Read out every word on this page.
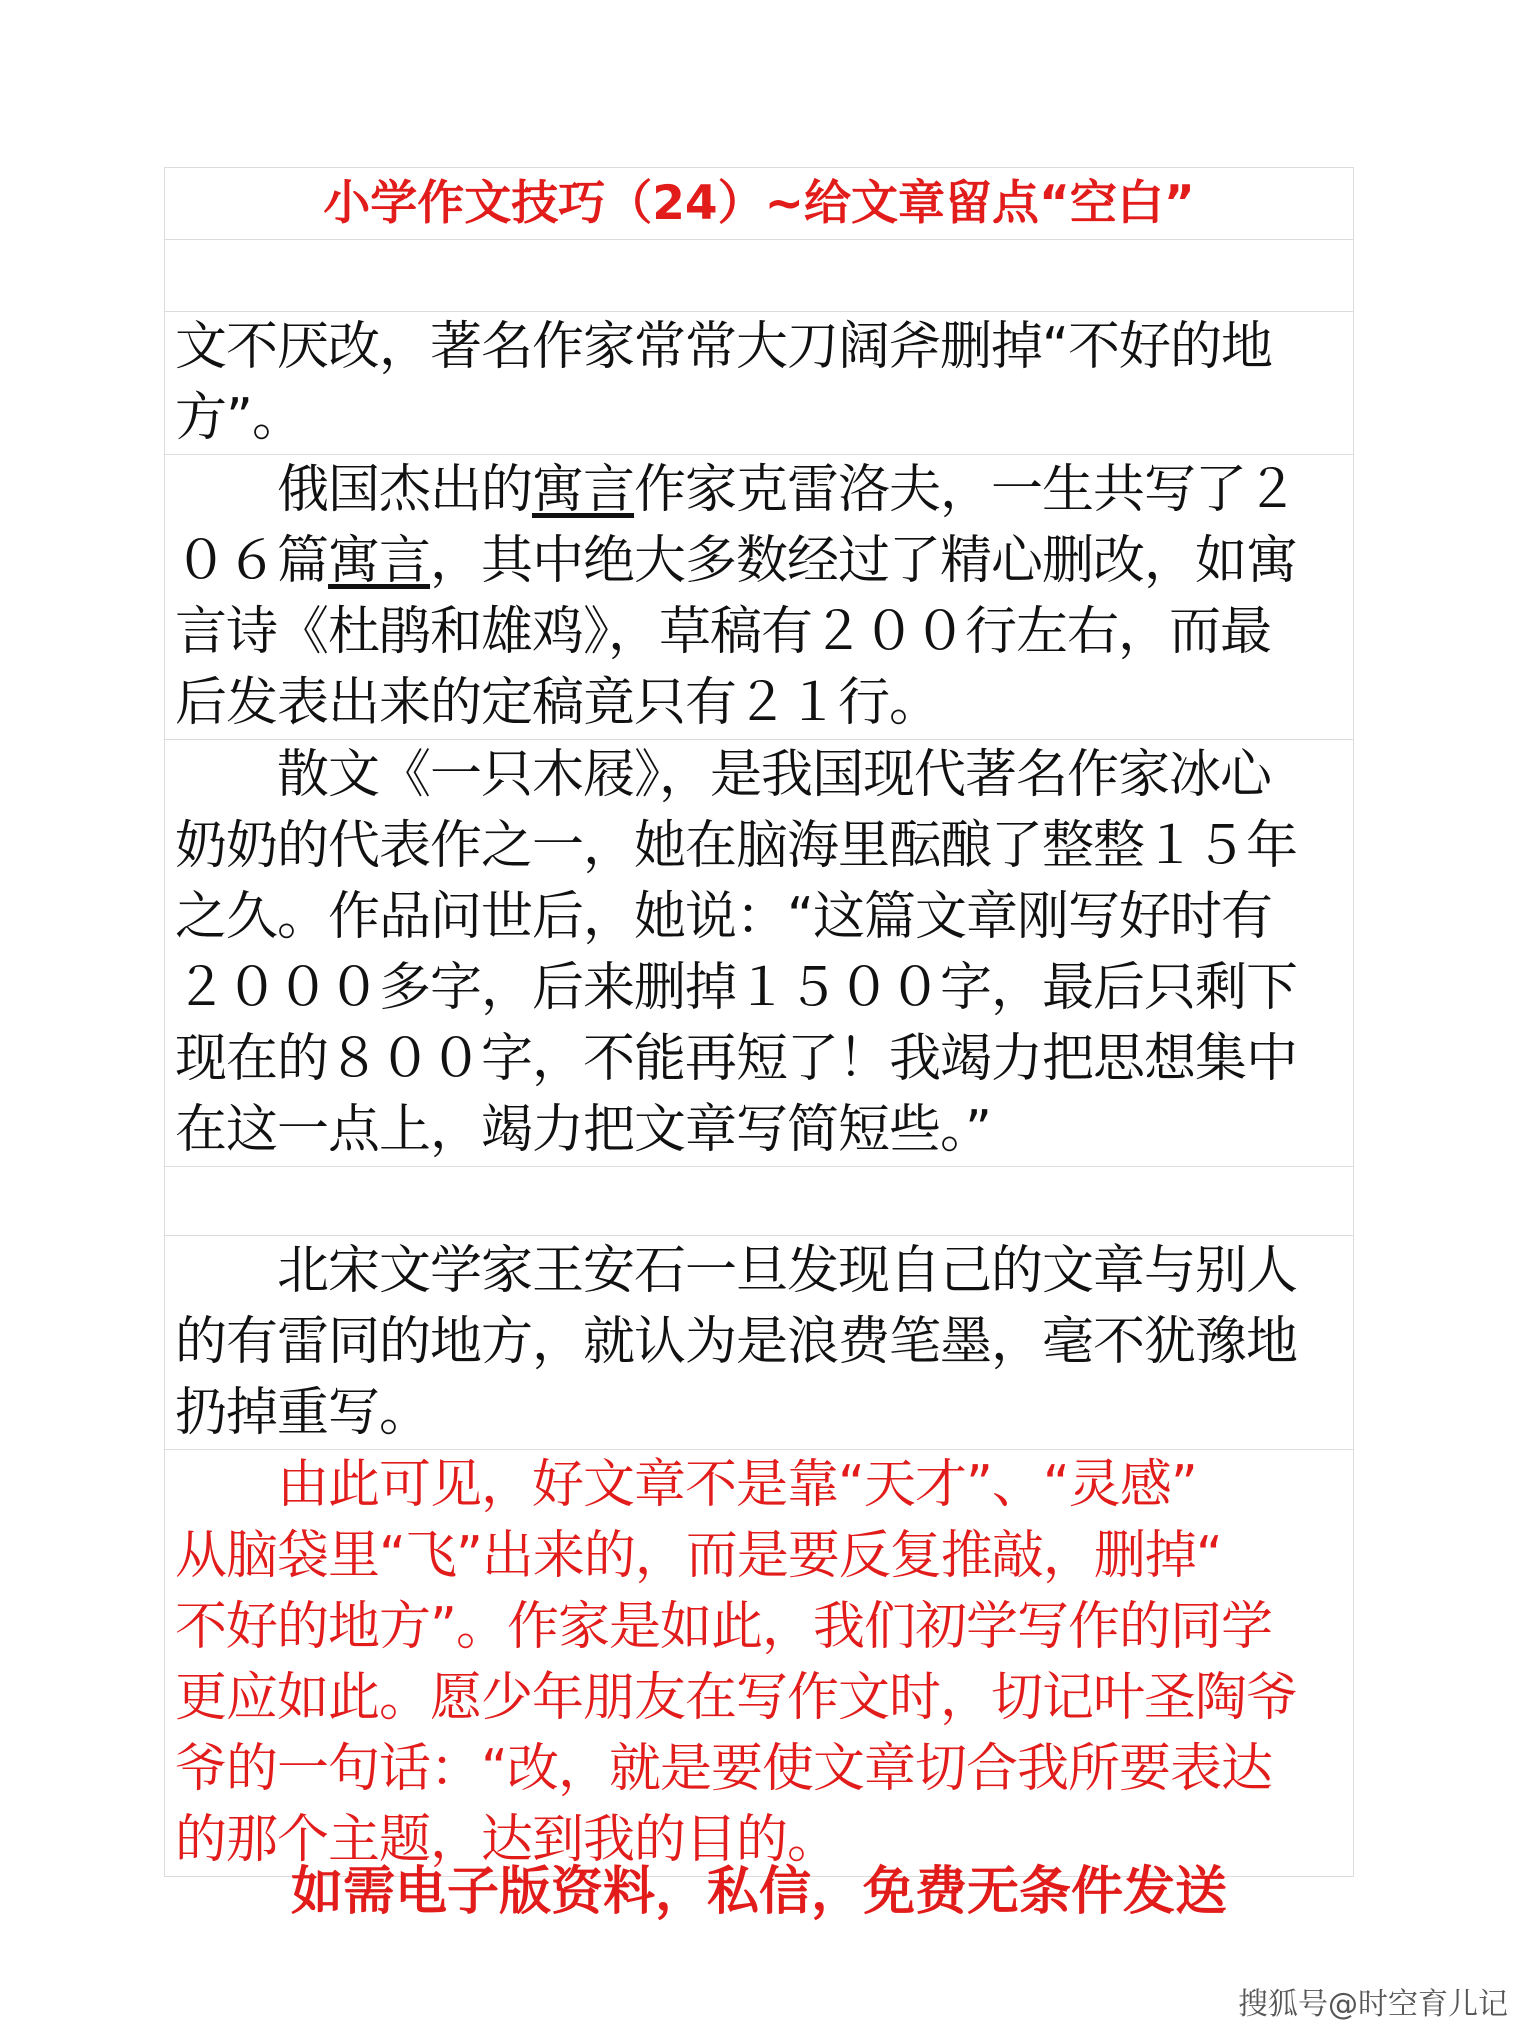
小学作文技巧（24）~给文章留点“空白”

文不厌改，著名作家常常大刀阔斧删掉“不好的地
方”。

　　俄国杰出的寓言作家克雷洛夫，一生共写了２
０６篇寓言，其中绝大多数经过了精心删改，如寓
言诗《杜鹃和雄鸡》，草稿有２００行左右，而最
后发表出来的定稿竟只有２１行。

　　散文《一只木屐》，是我国现代著名作家冰心
奶奶的代表作之一，她在脑海里酝酿了整整１５年
之久。作品问世后，她说：“这篇文章刚写好时有
２０００多字，后来删掉１５００字，最后只剩下
现在的８００字，不能再短了！我竭力把思想集中
在这一点上，竭力把文章写简短些。”

　　北宋文学家王安石一旦发现自己的文章与别人
的有雷同的地方，就认为是浪费笔墨，毫不犹豫地
扔掉重写。

　　由此可见，好文章不是靠“天才”、“灵感”
从脑袋里“飞”出来的，而是要反复推敲，删掉“
不好的地方”。作家是如此，我们初学写作的同学
更应如此。愿少年朋友在写作文时，切记叶圣陶爷
爷的一句话：“改，就是要使文章切合我所要表达
的那个主题，达到我的目的。
如需电子版资料，私信，免费无条件发送
搜狐号@时空育儿记
